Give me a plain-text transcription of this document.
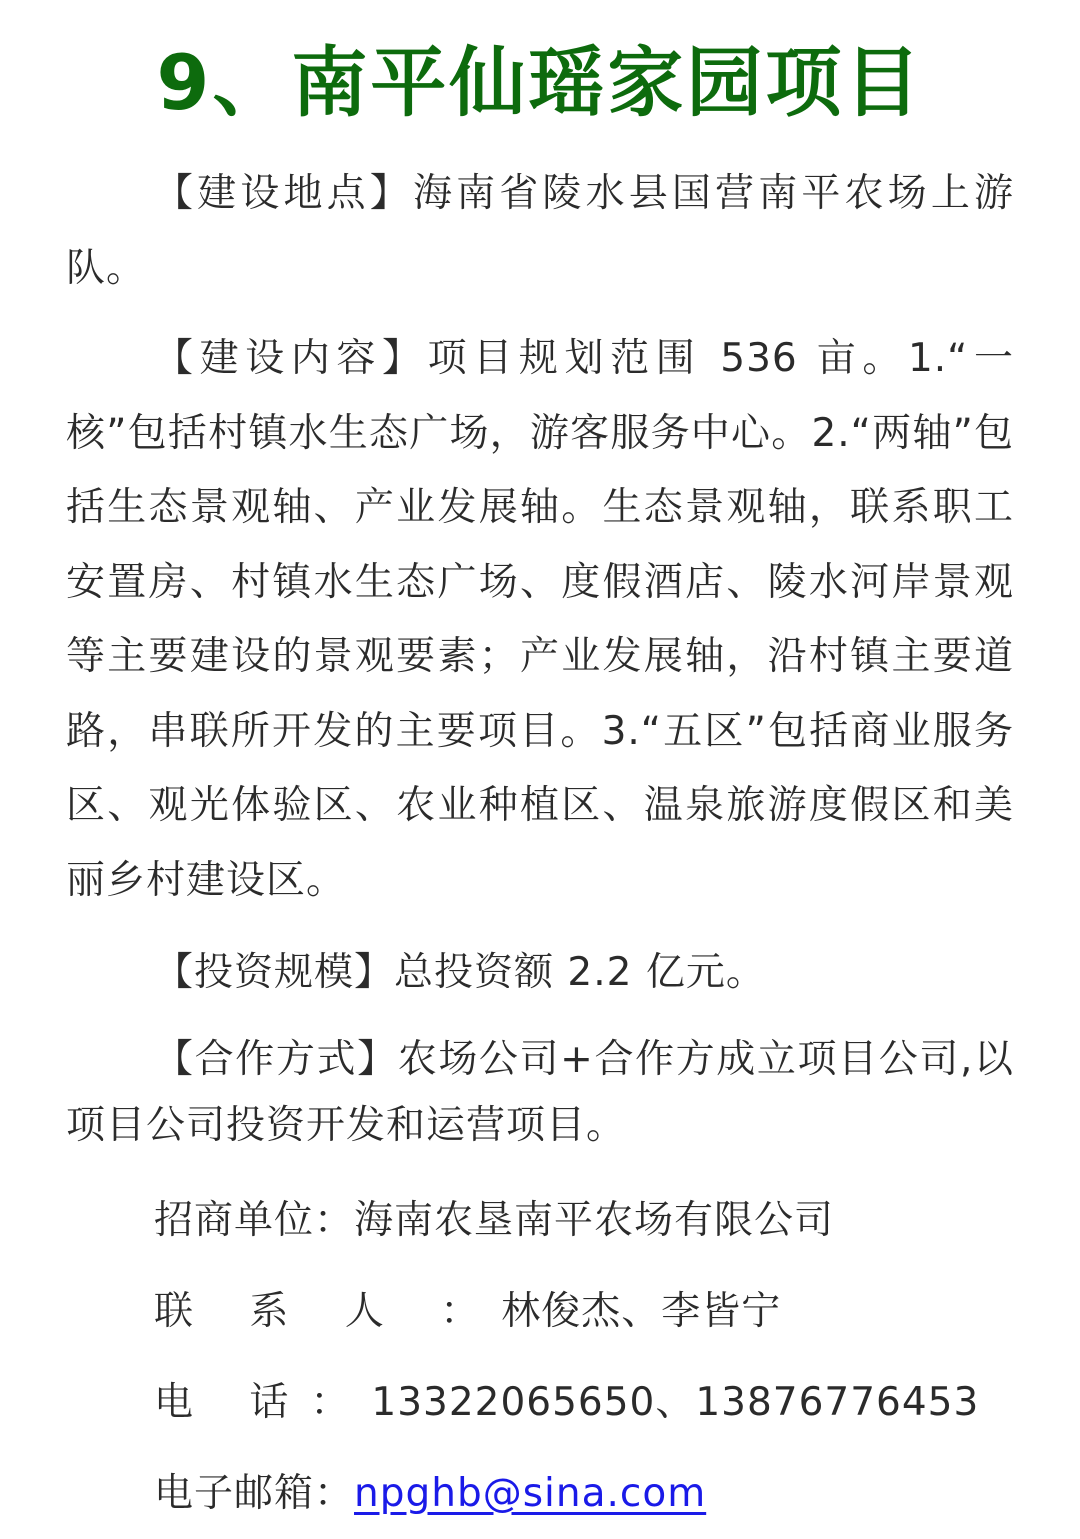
9、南平仙瑶家园项目

【建设地点】海南省陵水县国营南平农场上游队。

【建设内容】项目规划范围 536 亩。1.“一核”包括村镇水生态广场，游客服务中心。2.“两轴”包括生态景观轴、产业发展轴。生态景观轴，联系职工安置房、村镇水生态广场、度假酒店、陵水河岸景观等主要建设的景观要素；产业发展轴，沿村镇主要道路，串联所开发的主要项目。3.“五区”包括商业服务区、观光体验区、农业种植区、温泉旅游度假区和美丽乡村建设区。

【投资规模】总投资额 2.2 亿元。

【合作方式】农场公司+合作方成立项目公司,以项目公司投资开发和运营项目。

招商单位：海南农垦南平农场有限公司

联 系 人 ：林俊杰、李皆宁

电 话：13322065650、13876776453

电子邮箱：npghb@sina.com
